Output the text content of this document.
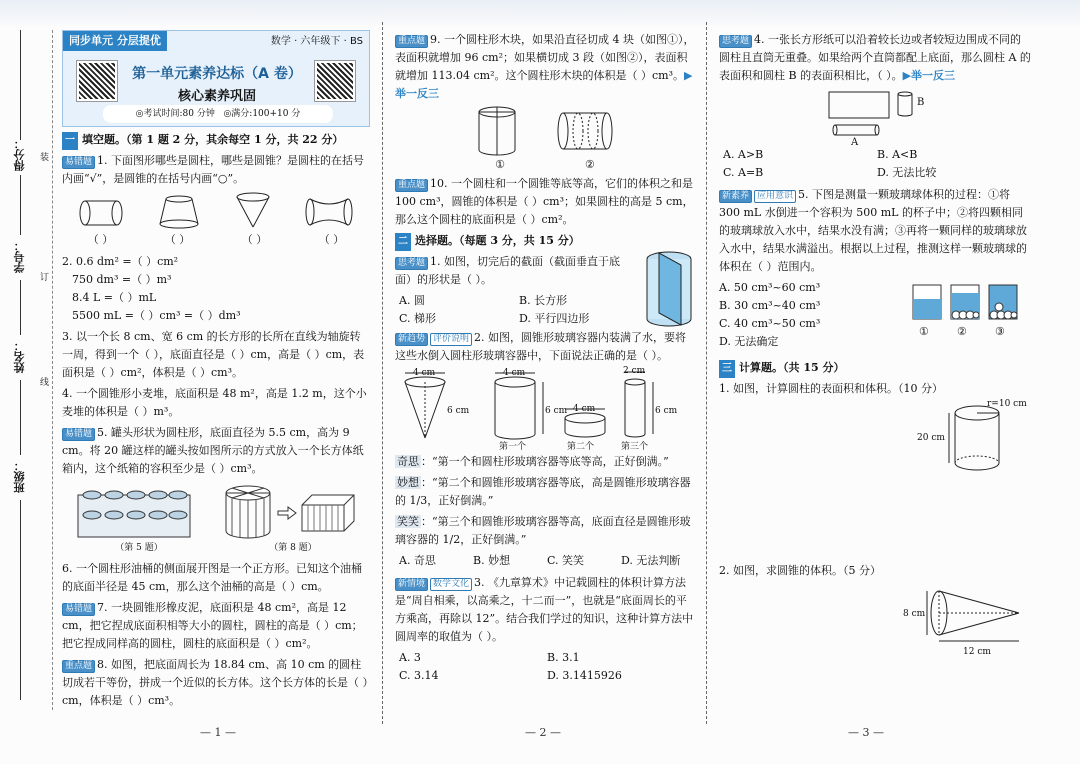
得分：
学号：
姓名：
班级：
装
订
线
同步单元 分层提优	数学 · 六年级下 · BS
第一单元素养达标（A 卷）
核心素养巩固
◎考试时间:80 分钟 ◎满分:100+10 分
一 填空题。（第 1 题 2 分，其余每空 1 分，共 22 分）
易错题 1. 下面图形哪些是圆柱，哪些是圆锥？是圆柱的在括号内画“√”，是圆锥的在括号内画“○”。
（ ）	（ ）	（ ）	（ ）
2. 0.6 dm² =（ ）cm²
750 dm³ =（ ）m³
8.4 L =（ ）mL
5500 mL =（ ）cm³ =（ ）dm³
3. 以一个长 8 cm、宽 6 cm 的长方形的长所在直线为轴旋转一周，得到一个（ ），底面直径是（ ）cm，高是（ ）cm，表面积是（ ）cm²，体积是（ ）cm³。
4. 一个圆锥形小麦堆，底面积是 48 m²，高是 1.2 m，这个小麦堆的体积是（ ）m³。
易错题 5. 罐头形状为圆柱形，底面直径为 5.5 cm，高为 9 cm。将 20 罐这样的罐头按如图所示的方式放入一个长方体纸箱内，这个纸箱的容积至少是（ ）cm³。
（第 5 题）	（第 8 题）
6. 一个圆柱形油桶的侧面展开图是一个正方形。已知这个油桶的底面半径是 45 cm，那么这个油桶的高是（ ）cm。
易错题 7. 一块圆锥形橡皮泥，底面积是 48 cm²，高是 12 cm，把它捏成底面积相等大小的圆柱，圆柱的高是（ ）cm；把它捏成同样高的圆柱，圆柱的底面积是（ ）cm²。
重点题 8. 如图，把底面周长为 18.84 cm、高 10 cm 的圆柱切成若干等份，拼成一个近似的长方体。这个长方体的长是（ ）cm，体积是（ ）cm³。
重点题 9. 一个圆柱形木块，如果沿直径切成 4 块（如图①），表面积就增加 96 cm²；如果横切成 3 段（如图②），表面积就增加 113.04 cm²。这个圆柱形木块的体积是（ ）cm³。▶举一反三
①	②
重点题 10. 一个圆柱和一个圆锥等底等高，它们的体积之和是 100 cm³，圆锥的体积是（ ）cm³；如果圆柱的高是 5 cm，那么这个圆柱的底面积是（ ）cm²。
二 选择题。（每题 3 分，共 15 分）
思考题 1. 如图，切完后的截面（截面垂直于底面）的形状是（ ）。
A. 圆	B. 长方形
C. 梯形	D. 平行四边形
新趋势 评价说明 2. 如图，圆锥形玻璃容器内装满了水，要将这些水倒入圆柱形玻璃容器中，下面说法正确的是（ ）。
4 cm
6 cm
4 cm
6 cm 4 cm
2 cm
6 cm
第一个	第二个	第三个
奇思 ：“第一个和圆柱形玻璃容器等底等高，正好倒满。”
妙想 ：“第二个和圆锥形玻璃容器等底，高是圆锥形玻璃容器的 1/3，正好倒满。”
笑笑 ：“第三个和圆锥形玻璃容器等高，底面直径是圆锥形玻璃容器的 1/2，正好倒满。”
A. 奇思	B. 妙想	C. 笑笑	D. 无法判断
新情境 数学文化 3. 《九章算术》中记载圆柱的体积计算方法是“周自相乘，以高乘之，十二而一”，也就是“底面周长的平方乘高，再除以 12”。结合我们学过的知识，这种计算方法中圆周率的取值为（ ）。
A. 3	B. 3.1
C. 3.14	D. 3.1415926
思考题 4. 一张长方形纸可以沿着较长边或者较短边围成不同的圆柱且直筒无重叠。如果给两个直筒都配上底面，那么圆柱 A 的表面积和圆柱 B 的表面积相比，（ ）。▶举一反三
B
A
A. A>B	B. A<B
C. A=B	D. 无法比较
新素养 应用意识 5. 下图是测量一颗玻璃球体积的过程：①将 300 mL 水倒进一个容积为 500 mL 的杯子中；②将四颗相同的玻璃球放入水中，结果水没有满；③再将一颗同样的玻璃球放入水中，结果水满溢出。根据以上过程，推测这样一颗玻璃球的体积在（ ）范围内。
A. 50 cm³~60 cm³
B. 30 cm³~40 cm³
C. 40 cm³~50 cm³
D. 无法确定
①	②	③
三 计算题。（共 15 分）
1. 如图，计算圆柱的表面积和体积。（10 分）
r=10 cm
20 cm
2. 如图，求圆锥的体积。（5 分）
8 cm
12 cm
— 1 —	— 2 —	— 3 —
